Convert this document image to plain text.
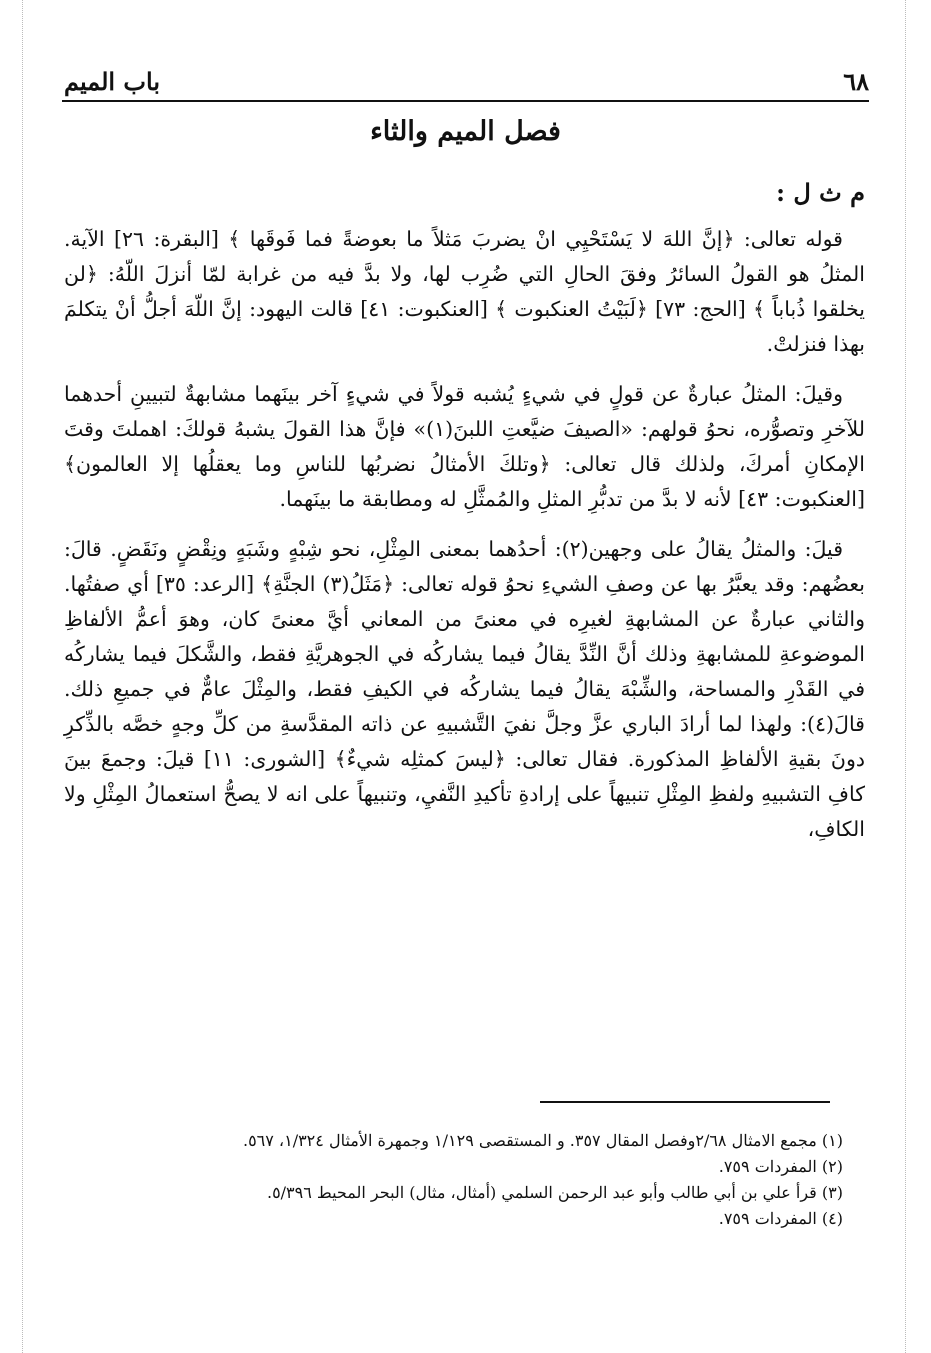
٦٨
باب الميم
فصل الميم والثاء
م ث ل :

قوله تعالى: ﴿إنَّ اللهَ لا يَسْتَحْيِي انْ يضربَ مَثلاً ما بعوضةً فما فَوقَها ﴾ [البقرة: ٢٦] الآية. المثلُ هو القولُ السائرُ وفقَ الحالِ التي ضُرِب لها، ولا بدَّ فيه من غرابة لمّا أنزلَ اللّهُ: ﴿لن يخلقوا ذُباباً ﴾ [الحج: ٧٣] ﴿لَبَيْتُ العنكبوت ﴾ [العنكبوت: ٤١] قالت اليهود: إنَّ اللّهَ أجلُّ أنْ يتكلمَ بهذا فنزلتْ.

وقيلَ: المثلُ عبارةٌ عن قولٍ في شيءٍ يُشبه قولاً في شيءٍ آخر بينَهما مشابهةٌ لتبيينِ أحدهما للآخرِ وتصوُّره، نحوُ قولهم: «الصيفَ ضيَّعتِ اللبنَ(١)» فإنَّ هذا القولَ يشبهُ قولكَ: اهملتَ وقتَ الإمكانِ أمركَ، ولذلك قال تعالى: ﴿وتلكَ الأمثالُ نضربُها للناسِ وما يعقلُها إلا العالمون﴾ [العنكبوت: ٤٣] لأنه لا بدَّ من تدبُّرِ المثلِ والمُمثَّلِ له ومطابقة ما بينَهما.

قيلَ: والمثلُ يقالُ على وجهين(٢): أحدُهما بمعنى المِثْلِ، نحو شِبْهٍ وشَبَهٍ ونِقْضٍ ونَقَضٍ. قالَ: بعضُهم: وقد يعبَّرُ بها عن وصفِ الشيءِ نحوُ قوله تعالى: ﴿مَثَلُ(٣) الجنَّةِ﴾ [الرعد: ٣٥] أي صفتُها. والثاني عبارةٌ عن المشابهةِ لغيرِه في معنىً من المعاني أيَّ معنىً كان، وهوَ أعمُّ الألفاظِ الموضوعةِ للمشابهةِ وذلك أنَّ النِّدَّ يقالُ فيما يشاركُه في الجوهريَّةِ فقط، والشَّكلَ فيما يشاركُه في القَدْرِ والمساحة، والشِّبْهَ يقالُ فيما يشاركُه في الكيفِ فقط، والمِثْلَ عامٌّ في جميعِ ذلك. قالَ(٤): ولهذا لما أرادَ الباري عزَّ وجلَّ نفيَ التَّشبيهِ عن ذاته المقدَّسةِ من كلِّ وجهٍ خصَّه بالذِّكرِ دونَ بقيةِ الألفاظِ المذكورة. فقال تعالى: ﴿ليسَ كمثلِه شيءٌ﴾ [الشورى: ١١] قيلَ: وجمعَ بينَ كافِ التشبيهِ ولفظِ المِثْلِ تنبيهاً على إرادةِ تأكيدِ النَّفيِ، وتنبيهاً على انه لا يصحُّ استعمالُ المِثْلِ ولا الكافِ،

(١) مجمع الامثال ٢/٦٨وفصل المقال ٣٥٧. و المستقصى ١/١٢٩ وجمهرة الأمثال ١/٣٢٤، ٥٦٧.

(٢) المفردات ٧٥٩.

(٣) قرأ علي بن أبي طالب وأبو عبد الرحمن السلمي (أمثال، مثال) البحر المحيط ٥/٣٩٦.

(٤) المفردات ٧٥٩.
